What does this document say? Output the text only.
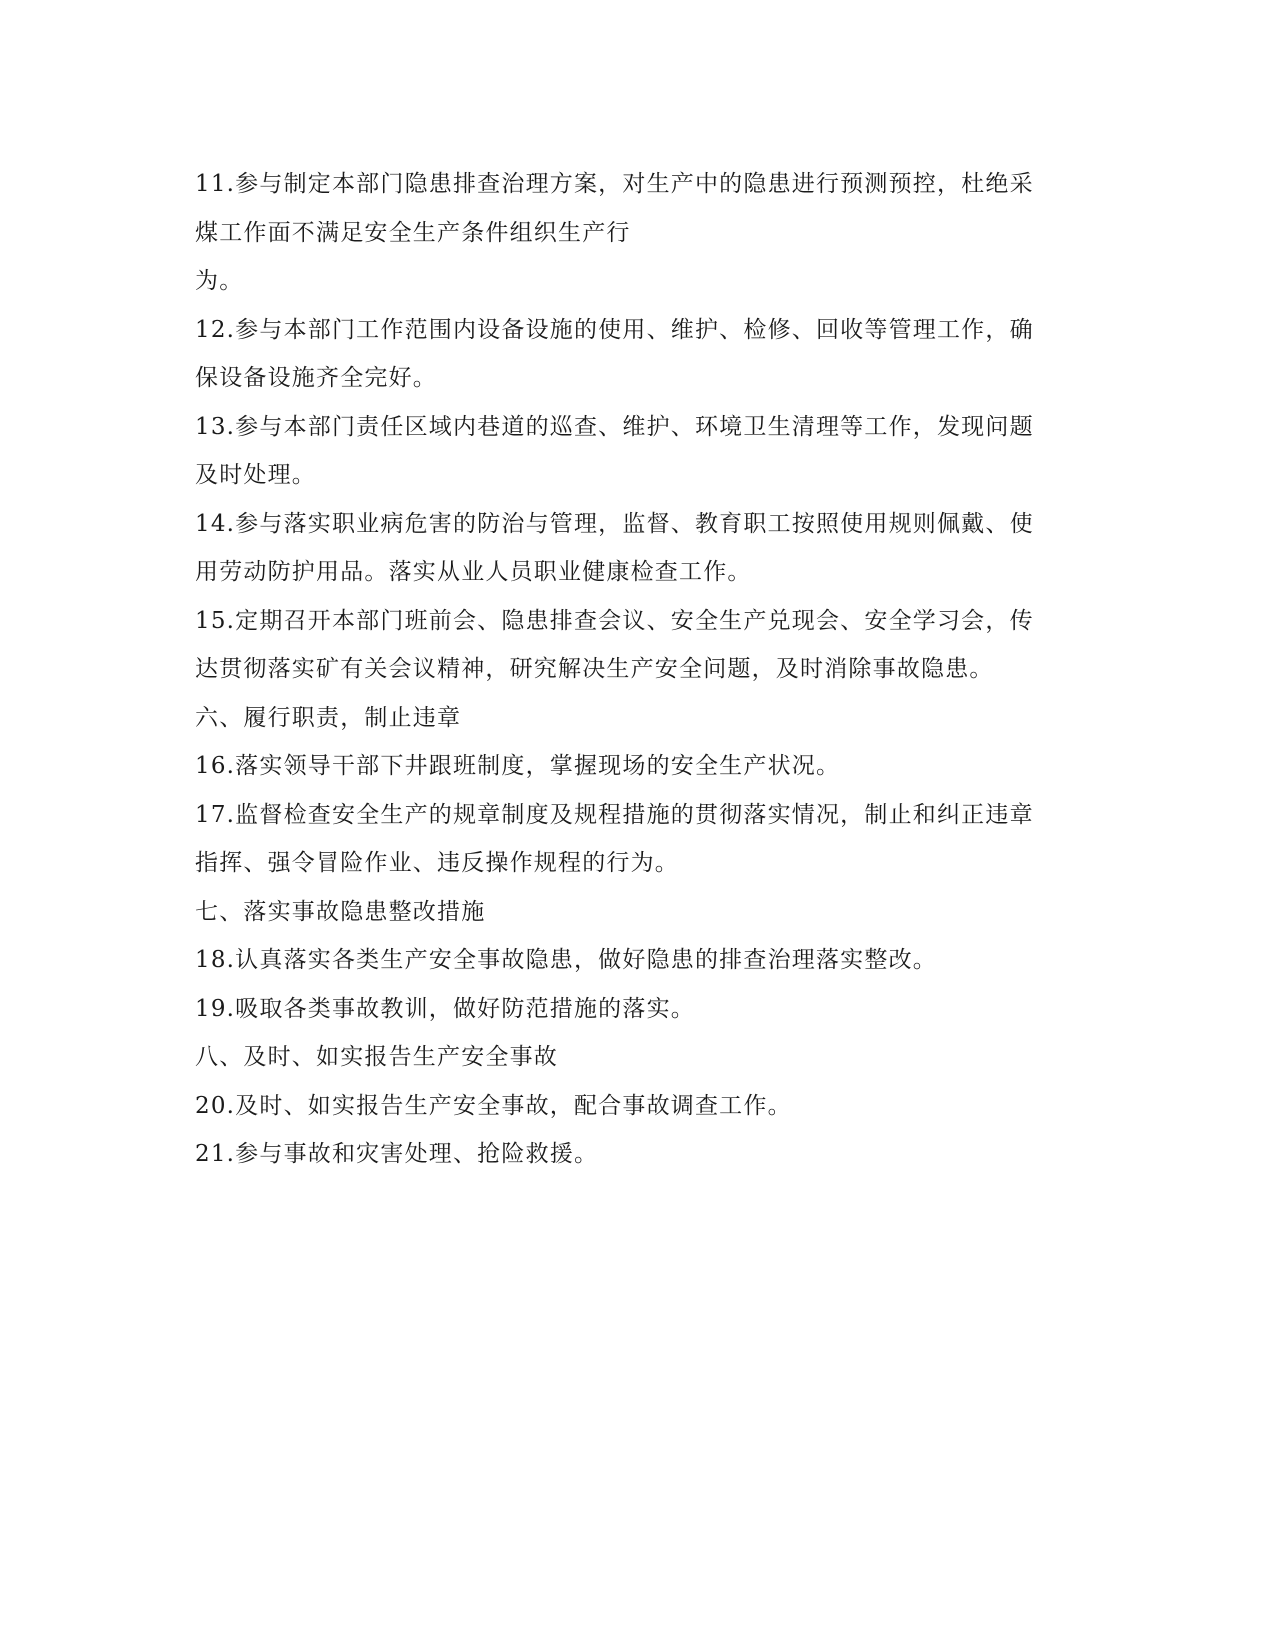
11.参与制定本部门隐患排查治理方案，对生产中的隐患进行预测预控，杜绝采
煤工作面不满足安全生产条件组织生产行
为。
12.参与本部门工作范围内设备设施的使用、维护、检修、回收等管理工作，确
保设备设施齐全完好。
13.参与本部门责任区域内巷道的巡查、维护、环境卫生清理等工作，发现问题
及时处理。
14.参与落实职业病危害的防治与管理，监督、教育职工按照使用规则佩戴、使
用劳动防护用品。落实从业人员职业健康检查工作。
15.定期召开本部门班前会、隐患排查会议、安全生产兑现会、安全学习会，传
达贯彻落实矿有关会议精神，研究解决生产安全问题，及时消除事故隐患。
六、履行职责，制止违章
16.落实领导干部下井跟班制度，掌握现场的安全生产状况。
17.监督检查安全生产的规章制度及规程措施的贯彻落实情况，制止和纠正违章
指挥、强令冒险作业、违反操作规程的行为。
七、落实事故隐患整改措施
18.认真落实各类生产安全事故隐患，做好隐患的排查治理落实整改。
19.吸取各类事故教训，做好防范措施的落实。
八、及时、如实报告生产安全事故
20.及时、如实报告生产安全事故，配合事故调查工作。
21.参与事故和灾害处理、抢险救援。
